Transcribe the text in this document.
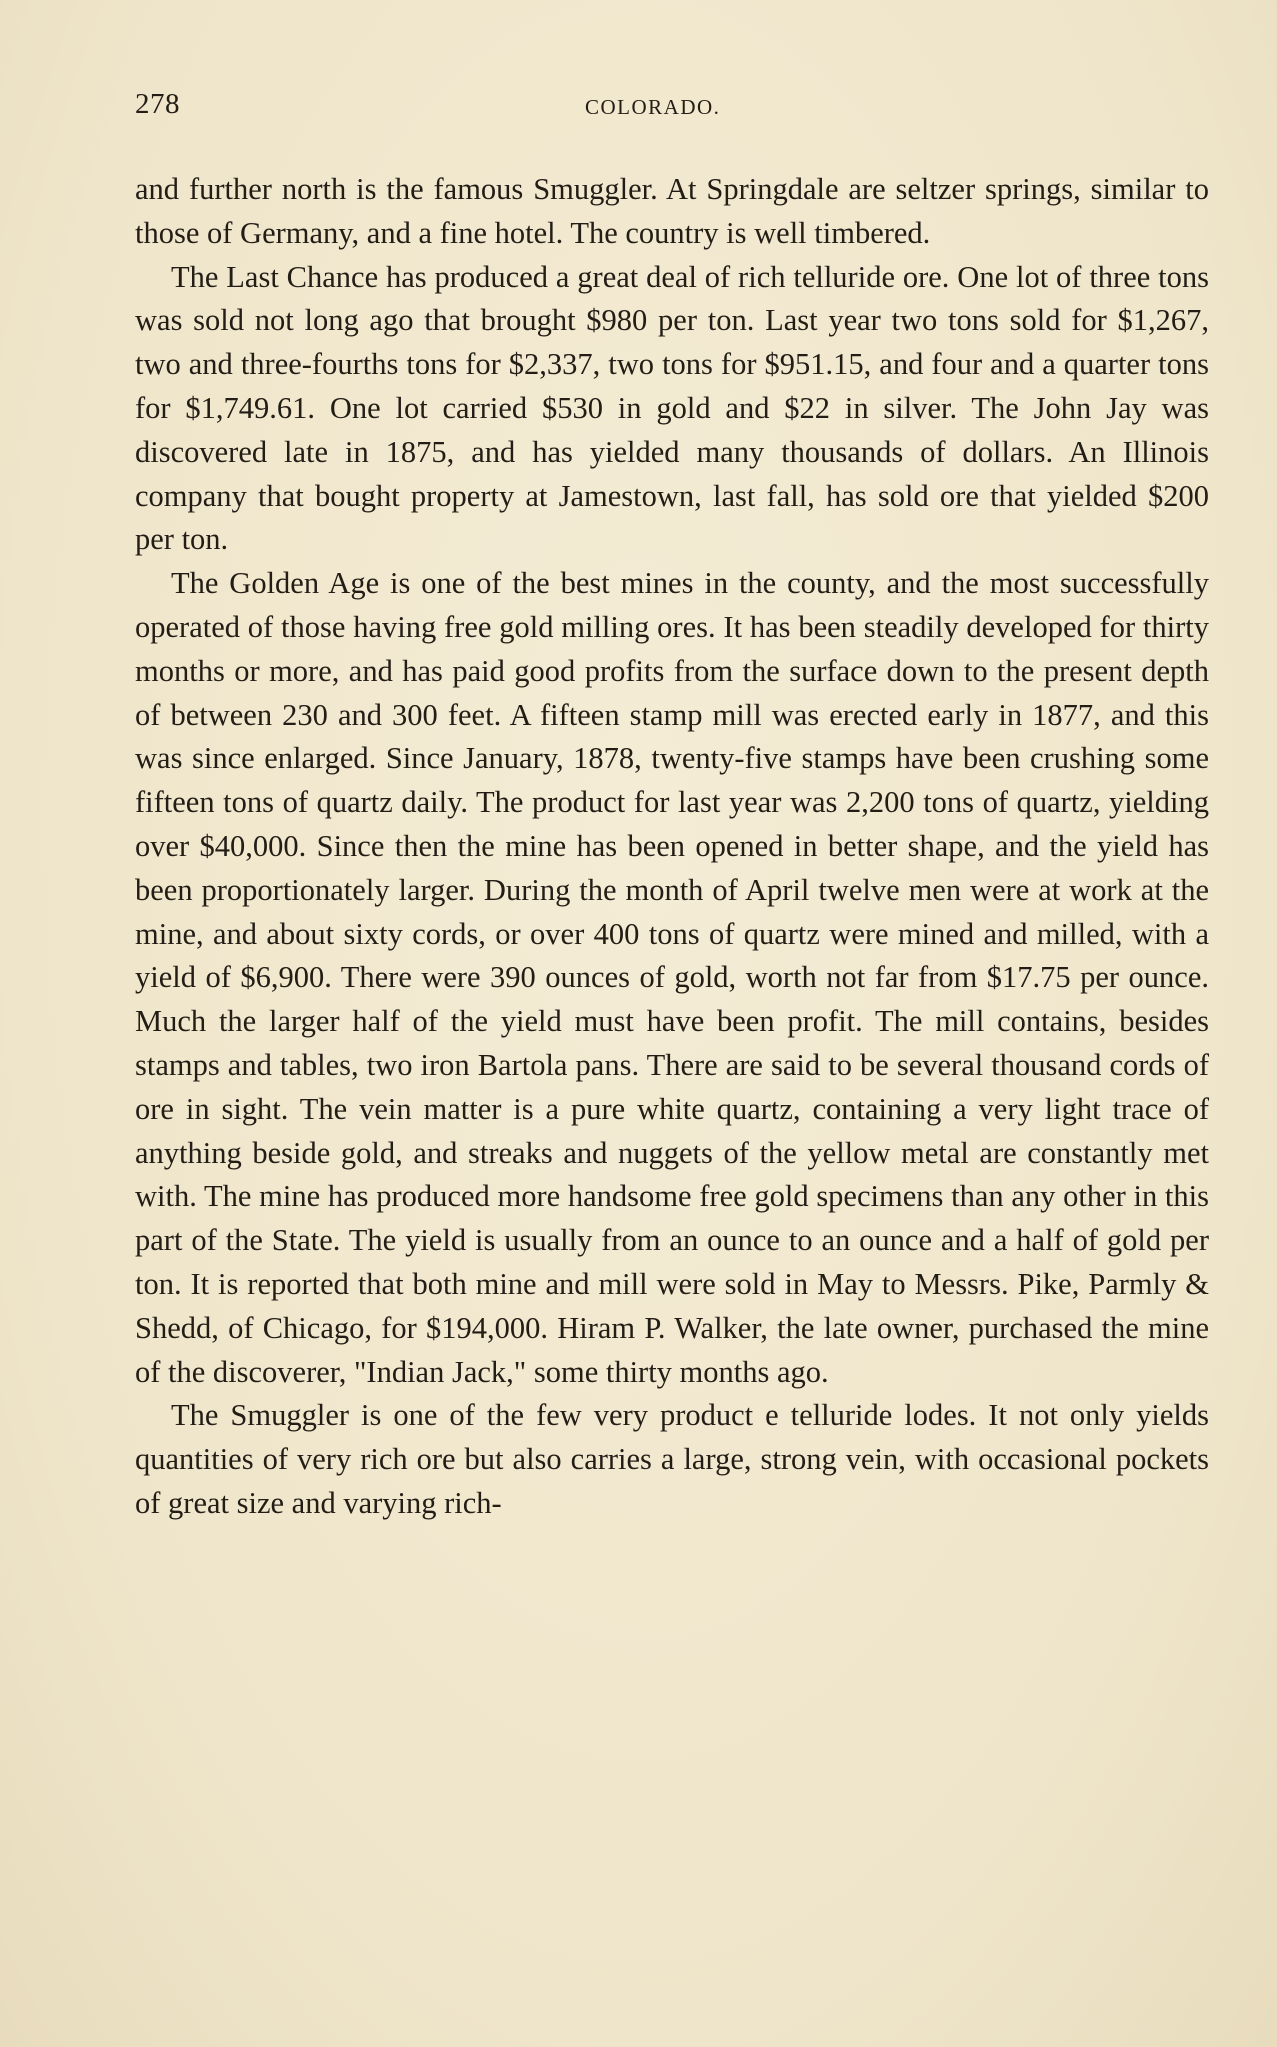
278	COLORADO.

and further north is the famous Smuggler. At Springdale are seltzer springs, similar to those of Germany, and a fine hotel. The country is well timbered.

The Last Chance has produced a great deal of rich telluride ore. One lot of three tons was sold not long ago that brought $980 per ton. Last year two tons sold for $1,267, two and three-fourths tons for $2,337, two tons for $951.15, and four and a quarter tons for $1,749.61. One lot carried $530 in gold and $22 in silver. The John Jay was discovered late in 1875, and has yielded many thousands of dollars. An Illinois company that bought property at Jamestown, last fall, has sold ore that yielded $200 per ton.

The Golden Age is one of the best mines in the county, and the most successfully operated of those having free gold milling ores. It has been steadily developed for thirty months or more, and has paid good profits from the surface down to the present depth of between 230 and 300 feet. A fifteen stamp mill was erected early in 1877, and this was since enlarged. Since January, 1878, twenty-five stamps have been crushing some fifteen tons of quartz daily. The product for last year was 2,200 tons of quartz, yielding over $40,000. Since then the mine has been opened in better shape, and the yield has been proportionately larger. During the month of April twelve men were at work at the mine, and about sixty cords, or over 400 tons of quartz were mined and milled, with a yield of $6,900. There were 390 ounces of gold, worth not far from $17.75 per ounce. Much the larger half of the yield must have been profit. The mill contains, besides stamps and tables, two iron Bartola pans. There are said to be several thousand cords of ore in sight. The vein matter is a pure white quartz, containing a very light trace of anything beside gold, and streaks and nuggets of the yellow metal are constantly met with. The mine has produced more handsome free gold specimens than any other in this part of the State. The yield is usually from an ounce to an ounce and a half of gold per ton. It is reported that both mine and mill were sold in May to Messrs. Pike, Parmly & Shedd, of Chicago, for $194,000. Hiram P. Walker, the late owner, purchased the mine of the discoverer, "Indian Jack," some thirty months ago.

The Smuggler is one of the few very product e telluride lodes. It not only yields quantities of very rich ore but also carries a large, strong vein, with occasional pockets of great size and varying rich-
